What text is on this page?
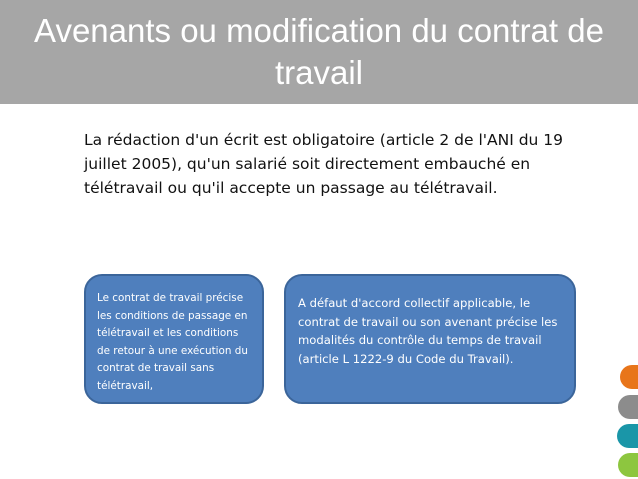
Avenants ou modification du contrat de travail

La rédaction d'un écrit est obligatoire (article 2 de l'ANI du 19 juillet 2005), qu'un salarié soit directement embauché en télétravail ou qu'il accepte un passage au télétravail.

Le contrat de travail précise les conditions de passage en télétravail et les conditions de retour à une exécution du contrat de travail sans télétravail,
A défaut d'accord collectif applicable, le contrat de travail ou son avenant précise les modalités du contrôle du temps de travail (article L 1222-9 du Code du Travail).
